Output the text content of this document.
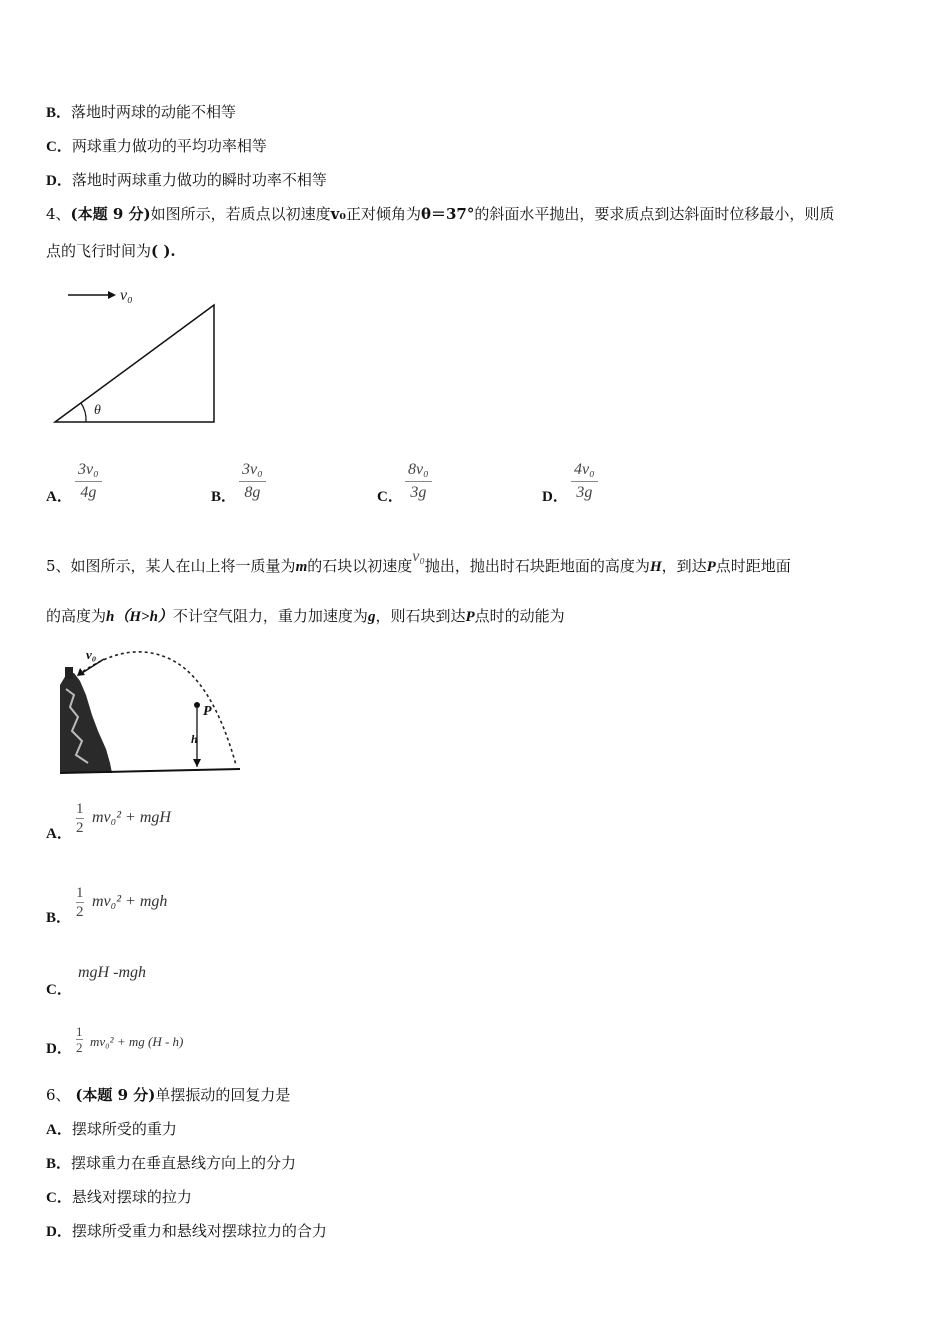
B．落地时两球的动能不相等
C．两球重力做功的平均功率相等
D．落地时两球重力做功的瞬时功率不相等
4、(本题 9 分)如图所示，若质点以初速度v₀正对倾角为θ＝37°的斜面水平抛出，要求质点到达斜面时位移最小，则质
点的飞行时间为( ).
v₀
θ
A．
3v₀
4g	B．
3v₀
8g	C．
8v₀
3g	D．
4v₀
3g
5、如图所示，某人在山上将一质量为m的石块以初速度v₀抛出，抛出时石块距地面的高度为H，到达P点时距地面
的高度为h（H>h）不计空气阻力，重力加速度为g，则石块到达P点时的动能为
v₀
P
h
A．
1
2
mv₀² + mgH
B．
1
2
mv₀² + mgh
C．
mgH -mgh
D．
1
2 mv₀² + mg (H - h)
6、 (本题 9 分)单摆振动的回复力是
A．摆球所受的重力
B．摆球重力在垂直悬线方向上的分力
C．悬线对摆球的拉力
D．摆球所受重力和悬线对摆球拉力的合力
